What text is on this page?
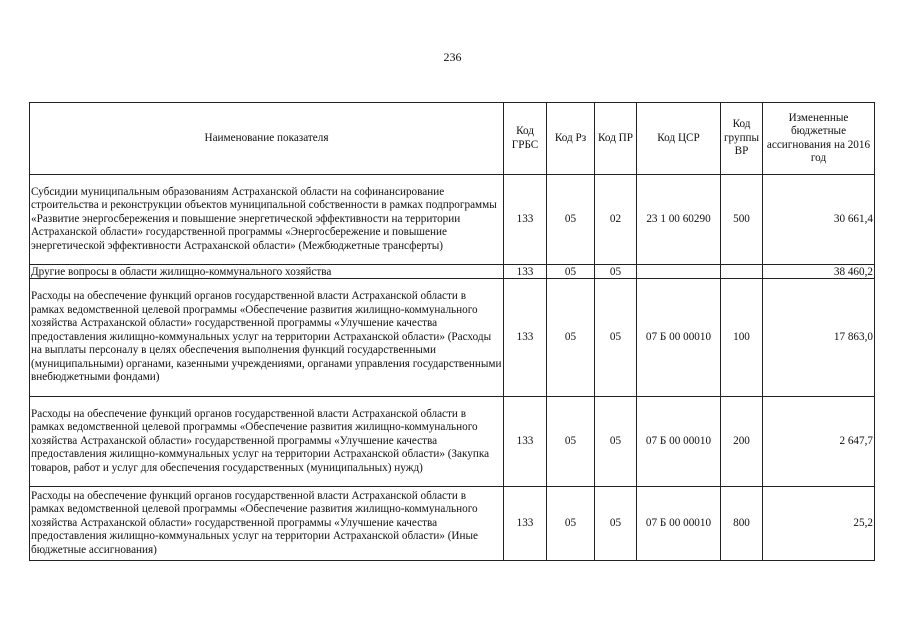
236
Наименование показателя	Код ГРБС	Код Рз	Код ПР	Код ЦСР	Код группы ВР	Измененные бюджетные ассигнования на 2016 год
Субсидии муниципальным образованиям Астраханской области на софинансирование строительства и реконструкции объектов муниципальной собственности в рамках подпрограммы «Развитие энергосбережения и повышение энергетической эффективности на территории Астраханской области» государственной программы «Энергосбережение и повышение энергетической эффективности Астраханской области» (Межбюджетные трансферты)	133	05	02	23 1 00 60290	500	30 661,4
Другие вопросы в области жилищно-коммунального хозяйства	133	05	05			38 460,2
Расходы на обеспечение функций органов государственной власти Астраханской области в рамках ведомственной целевой программы «Обеспечение развития жилищно-коммунального хозяйства Астраханской области» государственной программы «Улучшение качества предоставления жилищно-коммунальных услуг на территории Астраханской области» (Расходы на выплаты персоналу в целях обеспечения выполнения функций государственными (муниципальными) органами, казенными учреждениями, органами управления государственными внебюджетными фондами)	133	05	05	07 Б 00 00010	100	17 863,0
Расходы на обеспечение функций органов государственной власти Астраханской области в рамках ведомственной целевой программы «Обеспечение развития жилищно-коммунального хозяйства Астраханской области» государственной программы «Улучшение качества предоставления жилищно-коммунальных услуг на территории Астраханской области» (Закупка товаров, работ и услуг для обеспечения государственных (муниципальных) нужд)	133	05	05	07 Б 00 00010	200	2 647,7
Расходы на обеспечение функций органов государственной власти Астраханской области в рамках ведомственной целевой программы «Обеспечение развития жилищно-коммунального хозяйства Астраханской области» государственной программы «Улучшение качества предоставления жилищно-коммунальных услуг на территории Астраханской области» (Иные бюджетные ассигнования)	133	05	05	07 Б 00 00010	800	25,2
